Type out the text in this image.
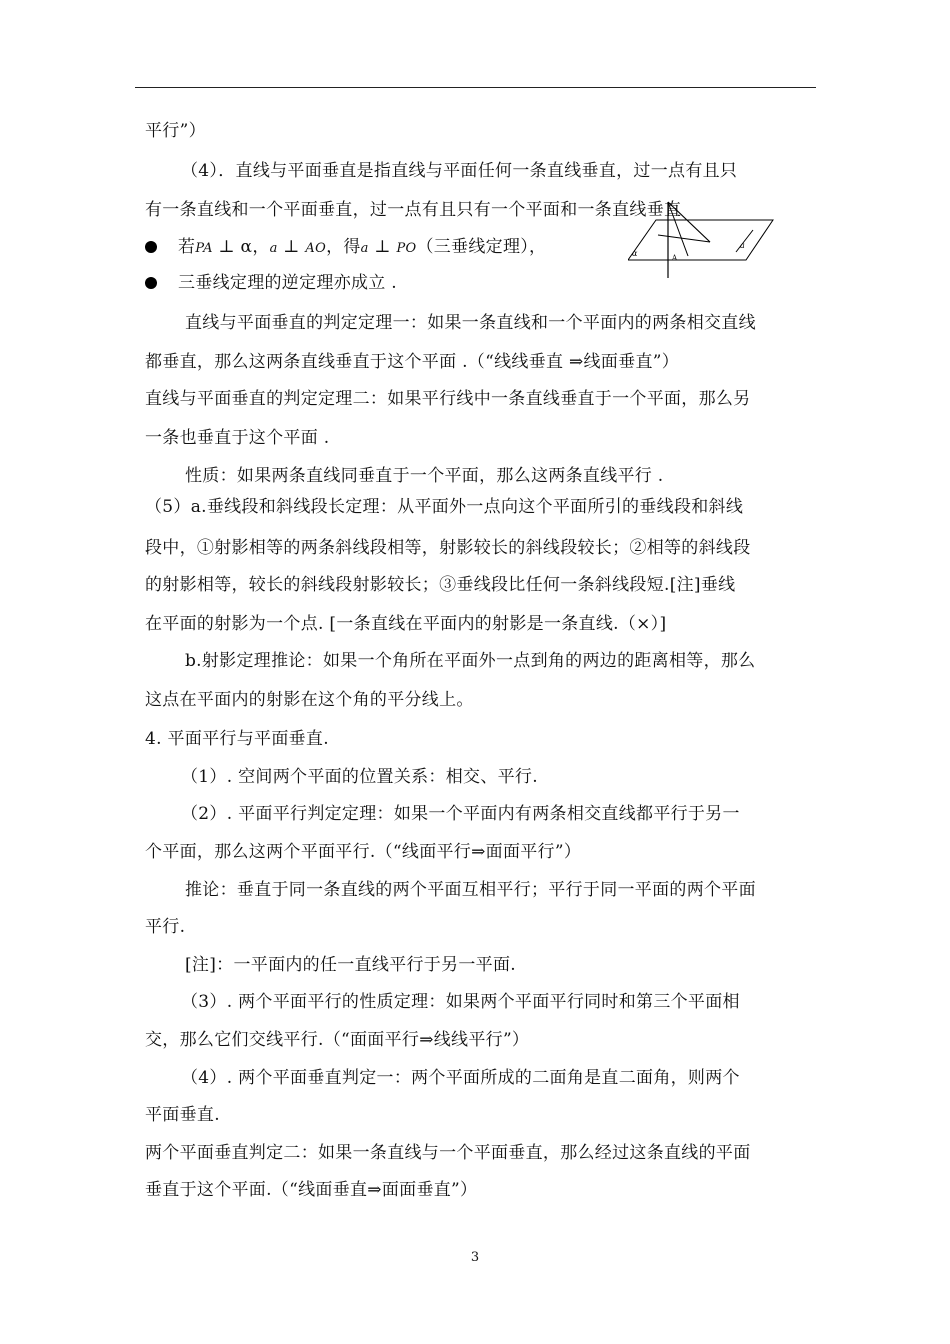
平行”）
（4）．直线与平面垂直是指直线与平面任何一条直线垂直，过一点有且只
有一条直线和一个平面垂直，过一点有且只有一个平面和一条直线垂直
若PA ⊥ α，a ⊥ AO，得a ⊥ PO（三垂线定理），
三垂线定理的逆定理亦成立 .
α
a
A
直线与平面垂直的判定定理一：如果一条直线和一个平面内的两条相交直线
都垂直，那么这两条直线垂直于这个平面 .（“线线垂直 ⇒线面垂直”）
直线与平面垂直的判定定理二：如果平行线中一条直线垂直于一个平面，那么另
一条也垂直于这个平面 .
性质：如果两条直线同垂直于一个平面，那么这两条直线平行 .
（5）a.垂线段和斜线段长定理：从平面外一点向这个平面所引的垂线段和斜线
段中，①射影相等的两条斜线段相等，射影较长的斜线段较长；②相等的斜线段
的射影相等，较长的斜线段射影较长；③垂线段比任何一条斜线段短.[注]垂线
在平面的射影为一个点. [一条直线在平面内的射影是一条直线.（×）]
b.射影定理推论：如果一个角所在平面外一点到角的两边的距离相等，那么
这点在平面内的射影在这个角的平分线上。
4. 平面平行与平面垂直.
（1）. 空间两个平面的位置关系：相交、平行.
（2）. 平面平行判定定理：如果一个平面内有两条相交直线都平行于另一
个平面，那么这两个平面平行.（“线面平行⇒面面平行”）
推论：垂直于同一条直线的两个平面互相平行；平行于同一平面的两个平面
平行.
[注]：一平面内的任一直线平行于另一平面.
（3）. 两个平面平行的性质定理：如果两个平面平行同时和第三个平面相
交，那么它们交线平行.（“面面平行⇒线线平行”）
（4）. 两个平面垂直判定一：两个平面所成的二面角是直二面角，则两个
平面垂直.
两个平面垂直判定二：如果一条直线与一个平面垂直，那么经过这条直线的平面
垂直于这个平面.（“线面垂直⇒面面垂直”）
3
